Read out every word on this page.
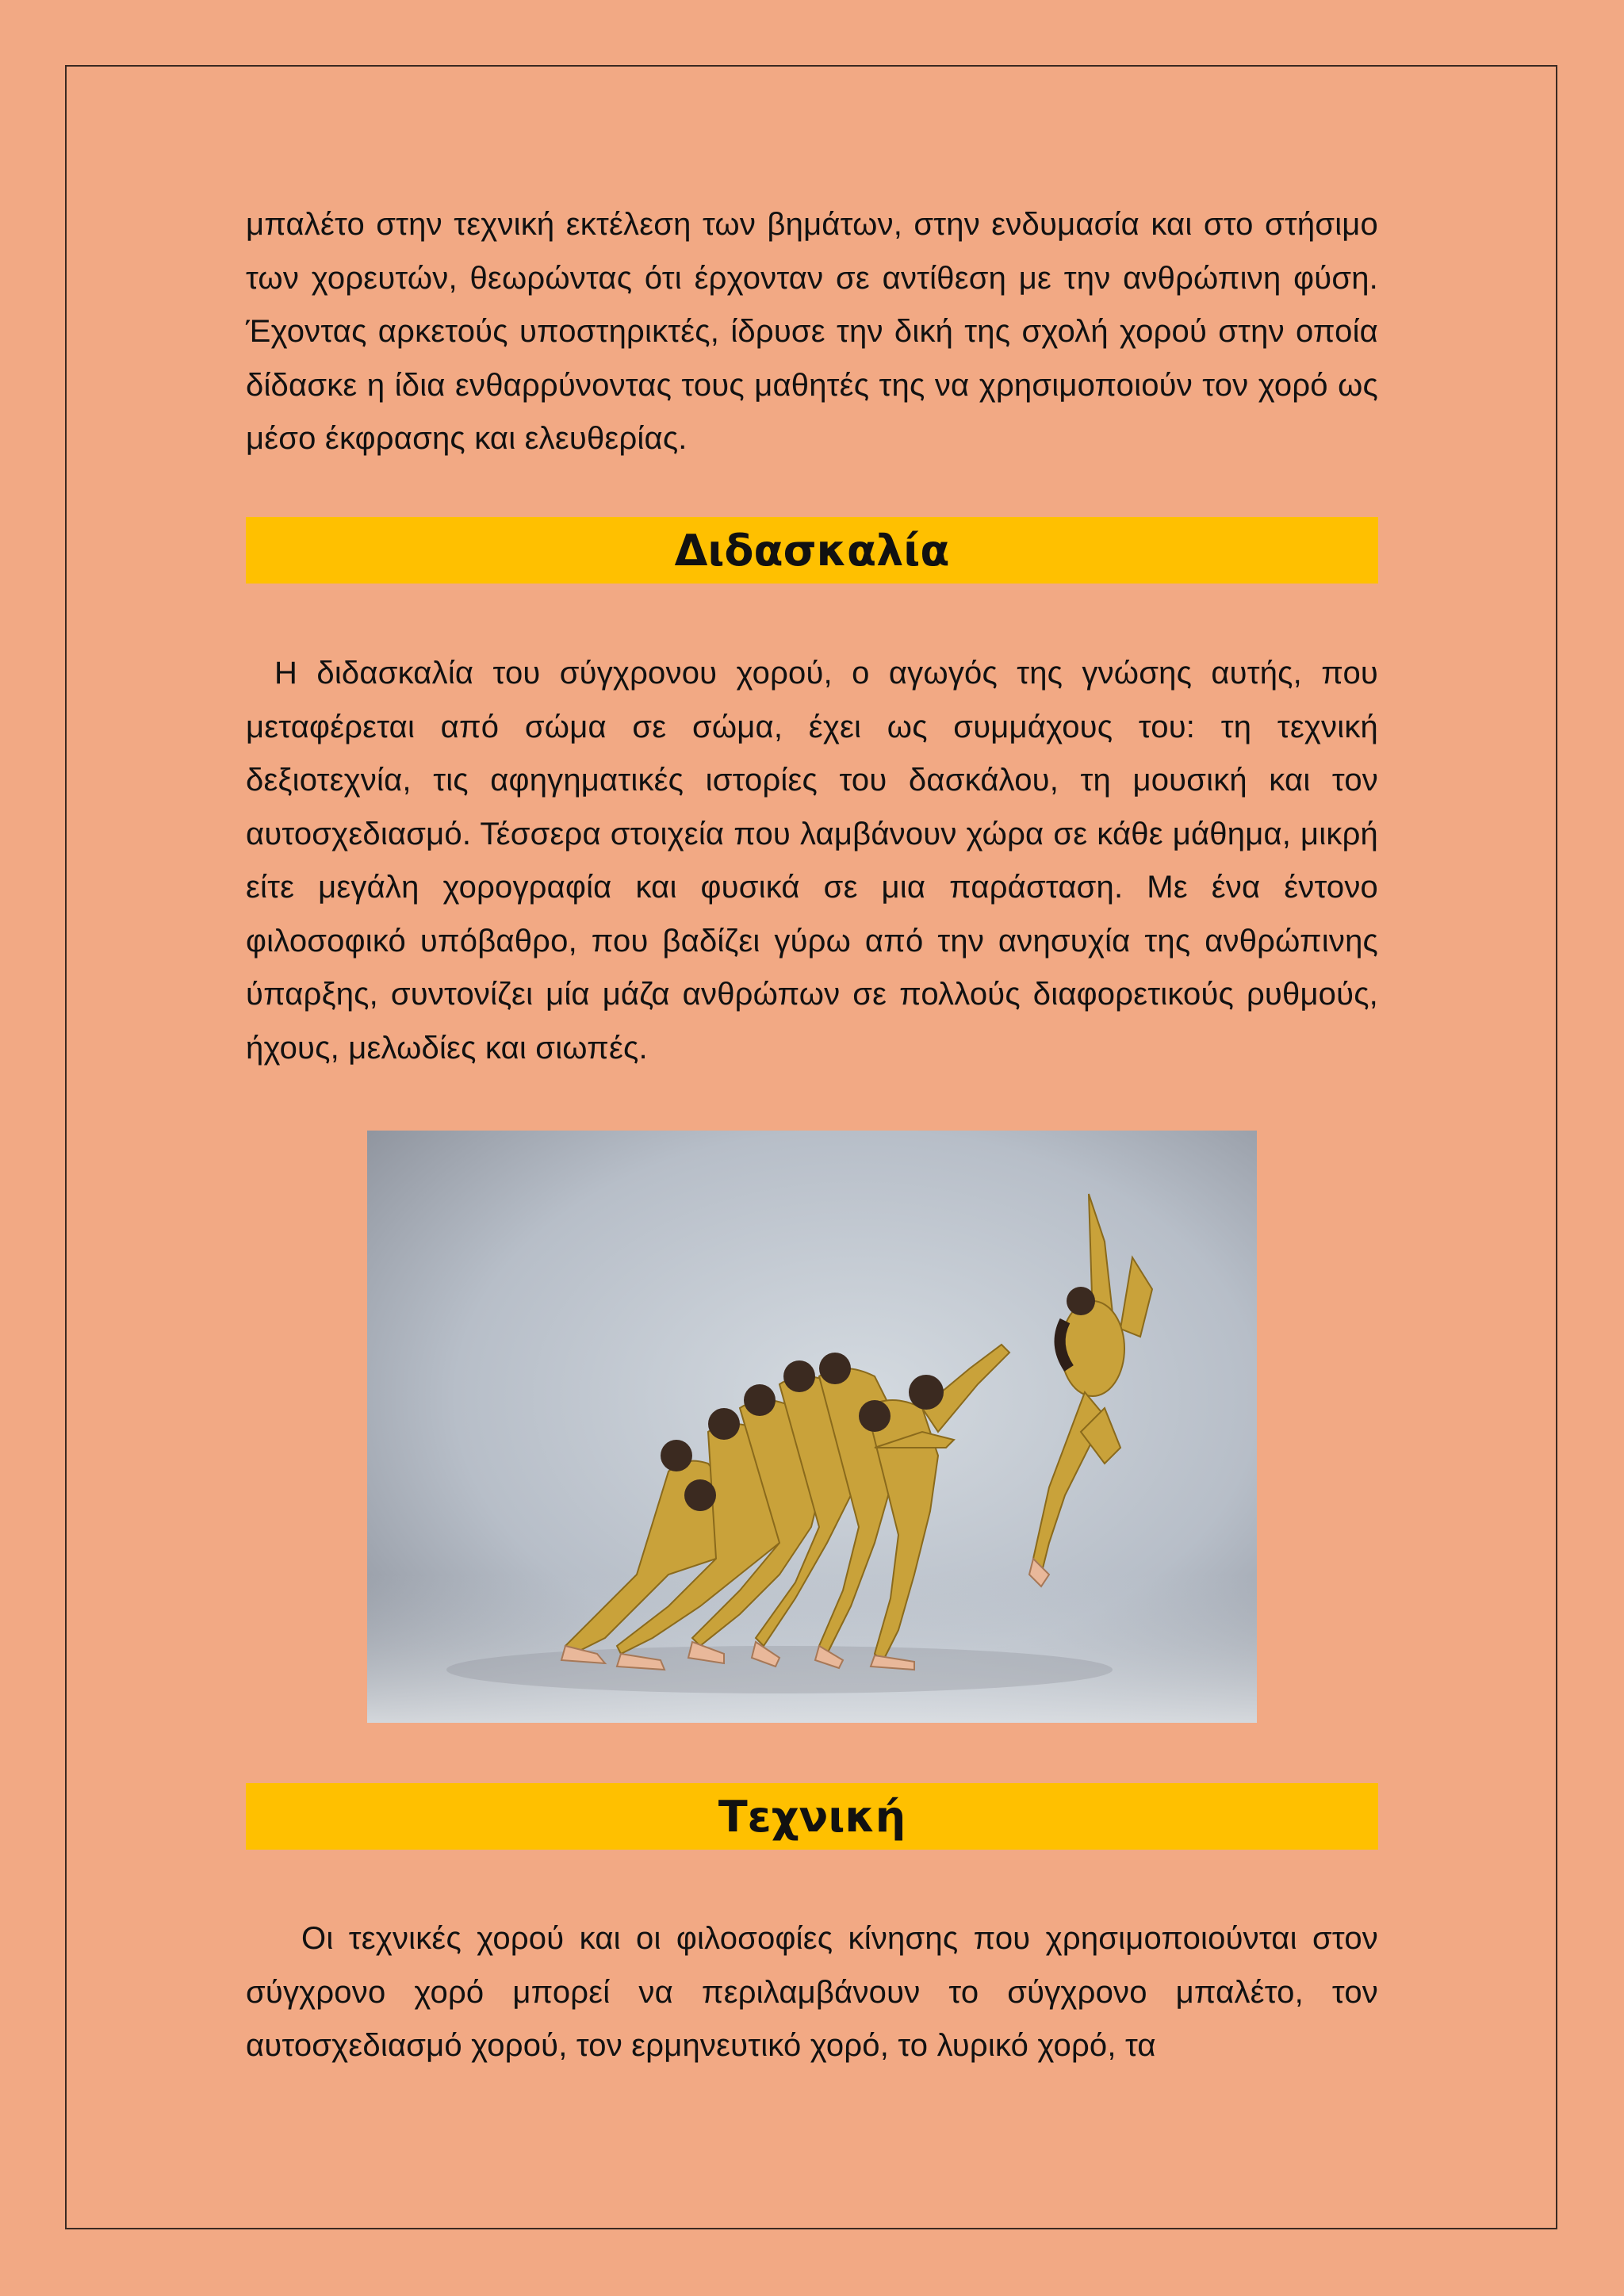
μπαλέτο στην τεχνική εκτέλεση των βημάτων, στην ενδυμασία και στο στήσιμο των χορευτών, θεωρώντας ότι έρχονταν σε αντίθεση με την ανθρώπινη φύση. Έχοντας αρκετούς υποστηρικτές, ίδρυσε την δική της σχολή χορού στην οποία δίδασκε η ίδια ενθαρρύνοντας τους μαθητές της να χρησιμοποιούν τον χορό ως μέσο έκφρασης και ελευθερίας.

Διδασκαλία

Η διδασκαλία του σύγχρονου χορού, ο αγωγός της γνώσης αυτής, που μεταφέρεται από σώμα σε σώμα, έχει ως συμμάχους του: τη τεχνική δεξιοτεχνία, τις αφηγηματικές ιστορίες του δασκάλου, τη μουσική και τον αυτοσχεδιασμό. Τέσσερα στοιχεία που λαμβάνουν χώρα σε κάθε μάθημα, μικρή είτε μεγάλη χορογραφία και φυσικά σε μια παράσταση. Με ένα έντονο φιλοσοφικό υπόβαθρο, που βαδίζει γύρω από την ανησυχία της ανθρώπινης ύπαρξης, συντονίζει μία μάζα ανθρώπων σε πολλούς διαφορετικούς ρυθμούς, ήχους, μελωδίες και σιωπές.

Τεχνική

Οι τεχνικές χορού και οι φιλοσοφίες κίνησης που χρησιμοποιούνται στον σύγχρονο χορό μπορεί να περιλαμβάνουν το σύγχρονο μπαλέτο, τον αυτοσχεδιασμό χορού, τον ερμηνευτικό χορό, το λυρικό χορό, τα
